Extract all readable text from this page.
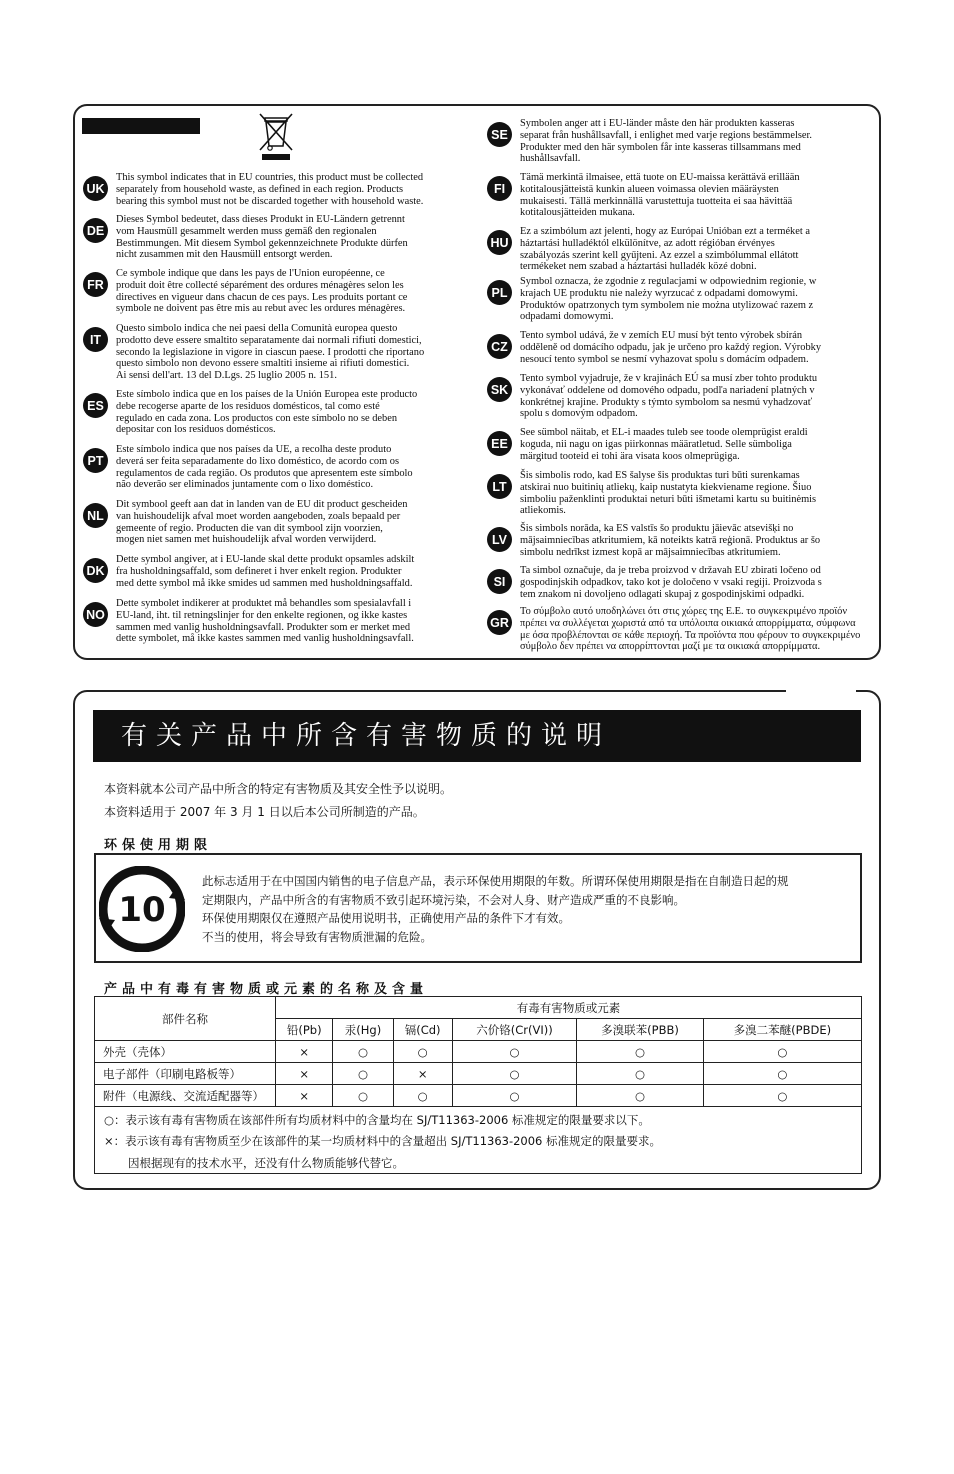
有关产品中所含有害物质的说明
本资料就本公司产品中所含的特定有害物质及其安全性予以说明。
本资料适用于 2007 年 3 月 1 日以后本公司所制造的产品。
环保使用期限
10
此标志适用于在中国国内销售的电子信息产品，表示环保使用期限的年数。所谓环保使用期限是指在自制造日起的规
定期限内，产品中所含的有害物质不致引起环境污染，不会对人身、财产造成严重的不良影响。
环保使用期限仅在遵照产品使用说明书，正确使用产品的条件下才有效。
不当的使用，将会导致有害物质泄漏的危险。
产品中有毒有害物质或元素的名称及含量
部件名称	有毒有害物质或元素					
	铅(Pb)	汞(Hg)	镉(Cd)	六价铬(Cr(VI))	多溴联苯(PBB)	多溴二苯醚(PBDE)
外壳（壳体）	×	○	○	○	○	○
电子部件（印刷电路板等）	×	○	×	○	○	○
附件（电源线、交流适配器等）	×	○	○	○	○	○
○：表示该有毒有害物质在该部件所有均质材料中的含量均在 SJ/T11363-2006 标准规定的限量要求以下。
×：表示该有毒有害物质至少在该部件的某一均质材料中的含量超出 SJ/T11363-2006 标准规定的限量要求。
因根据现有的技术水平，还没有什么物质能够代替它。
UK
This symbol indicates that in EU countries, this product must be collected
separately from household waste, as defined in each region. Products
bearing this symbol must not be discarded together with household waste.
DE
Dieses Symbol bedeutet, dass dieses Produkt in EU-Ländern getrennt
vom Hausmüll gesammelt werden muss gemäß den regionalen
Bestimmungen. Mit diesem Symbol gekennzeichnete Produkte dürfen
nicht zusammen mit den Hausmüll entsorgt werden.
FR
Ce symbole indique que dans les pays de l'Union européenne, ce
produit doit être collecté séparément des ordures ménagères selon les
directives en vigueur dans chacun de ces pays. Les produits portant ce
symbole ne doivent pas être mis au rebut avec les ordures ménagères.
IT
Questo simbolo indica che nei paesi della Comunità europea questo
prodotto deve essere smaltito separatamente dai normali rifiuti domestici,
secondo la legislazione in vigore in ciascun paese. I prodotti che riportano
questo simbolo non devono essere smaltiti insieme ai rifiuti domestici.
Ai sensi dell'art. 13 del D.Lgs. 25 luglio 2005 n. 151.
ES
Este símbolo indica que en los países de la Unión Europea este producto
debe recogerse aparte de los residuos domésticos, tal como esté
regulado en cada zona. Los productos con este símbolo no se deben
depositar con los residuos domésticos.
PT
Este símbolo indica que nos países da UE, a recolha deste produto
deverá ser feita separadamente do lixo doméstico, de acordo com os
regulamentos de cada região. Os produtos que apresentem este símbolo
não deverão ser eliminados juntamente com o lixo doméstico.
NL
Dit symbool geeft aan dat in landen van de EU dit product gescheiden
van huishoudelijk afval moet worden aangeboden, zoals bepaald per
gemeente of regio. Producten die van dit symbool zijn voorzien,
mogen niet samen met huishoudelijk afval worden verwijderd.
DK
Dette symbol angiver, at i EU-lande skal dette produkt opsamles adskilt
fra husholdningsaffald, som defineret i hver enkelt region. Produkter
med dette symbol må ikke smides ud sammen med husholdningsaffald.
NO
Dette symbolet indikerer at produktet må behandles som spesialavfall i
EU-land, iht. til retningslinjer for den enkelte regionen, og ikke kastes
sammen med vanlig husholdningsavfall. Produkter som er merket med
dette symbolet, må ikke kastes sammen med vanlig husholdningsavfall.
SE
Symbolen anger att i EU-länder måste den här produkten kasseras
separat från hushållsavfall, i enlighet med varje regions bestämmelser.
Produkter med den här symbolen får inte kasseras tillsammans med
hushållsavfall.
FI
Tämä merkintä ilmaisee, että tuote on EU-maissa kerättävä erillään
kotitalousjätteistä kunkin alueen voimassa olevien määräysten
mukaisesti. Tällä merkinnällä varustettuja tuotteita ei saa hävittää
kotitalousjätteiden mukana.
HU
Ez a szimbólum azt jelenti, hogy az Európai Unióban ezt a terméket a
háztartási hulladéktól elkülönítve, az adott régióban érvényes
szabályozás szerint kell gyűjteni. Az ezzel a szimbólummal ellátott
termékeket nem szabad a háztartási hulladék közé dobni.
PL
Symbol oznacza, że zgodnie z regulacjami w odpowiednim regionie, w
krajach UE produktu nie należy wyrzucać z odpadami domowymi.
Produktów opatrzonych tym symbolem nie można utylizować razem z
odpadami domowymi.
CZ
Tento symbol udává, že v zemích EU musí být tento výrobek sbírán
odděleně od domácího odpadu, jak je určeno pro každý region. Výrobky
nesoucí tento symbol se nesmí vyhazovat spolu s domácím odpadem.
SK
Tento symbol vyjadruje, že v krajinách EÚ sa musí zber tohto produktu
vykonávať oddelene od domového odpadu, podľa nariadení platných v
konkrétnej krajine. Produkty s týmto symbolom sa nesmú vyhadzovať
spolu s domovým odpadom.
EE
See sümbol näitab, et EL-i maades tuleb see toode olemprügist eraldi
koguda, nii nagu on igas piirkonnas määratletud. Selle sümboliga
märgitud tooteid ei tohi ära visata koos olmeprügiga.
LT
Šis simbolis rodo, kad ES šalyse šis produktas turi būti surenkamas
atskirai nuo buitinių atliekų, kaip nustatyta kiekviename regione. Šiuo
simboliu paženklinti produktai neturi būti išmetami kartu su buitinėmis
atliekomis.
LV
Šis simbols norāda, ka ES valstīs šo produktu jāievāc atsevišķi no
mājsaimniecības atkritumiem, kā noteikts katrā reģionā. Produktus ar šo
simbolu nedrīkst izmest kopā ar mājsaimniecības atkritumiem.
SI
Ta simbol označuje, da je treba proizvod v državah EU zbirati ločeno od
gospodinjskih odpadkov, tako kot je določeno v vsaki regiji. Proizvoda s
tem znakom ni dovoljeno odlagati skupaj z gospodinjskimi odpadki.
GR
Το σύμβολο αυτό υποδηλώνει ότι στις χώρες της Ε.Ε. το συγκεκριμένο προϊόν
πρέπει να συλλέγεται χωριστά από τα υπόλοιπα οικιακά απορρίμματα, σύμφωνα
με όσα προβλέπονται σε κάθε περιοχή. Τα προϊόντα που φέρουν το συγκεκριμένο
σύμβολο δεν πρέπει να απορρίπτονται μαζί με τα οικιακά απορρίμματα.
